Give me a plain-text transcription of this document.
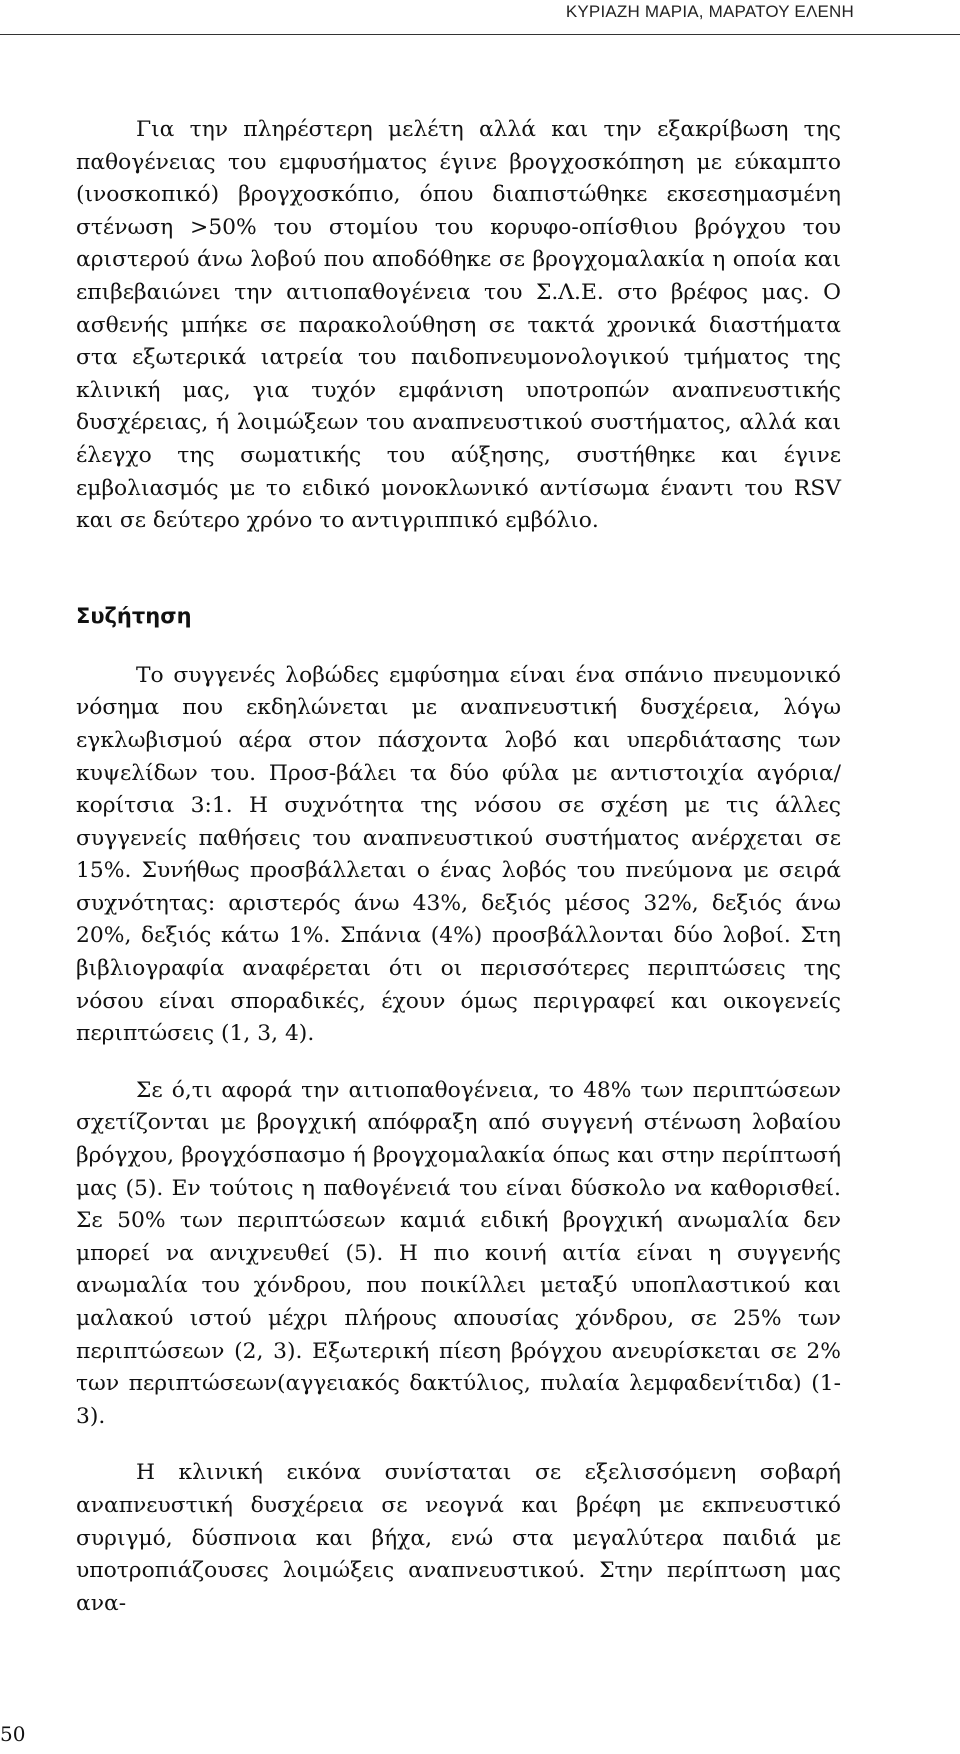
ΚΥΡΙΑΖΗ ΜΑΡΙΑ, ΜΑΡΑΤΟΥ ΕΛΕΝΗ

Για την πληρέστερη μελέτη αλλά και την εξακρίβωση της παθογένειας του εμφυσήματος έγινε βρογχοσκόπηση με εύκαμπτο (ινοσκοπικό) βρογχοσκόπιο, όπου διαπιστώθηκε εκσεσημασμένη στένωση >50% του στομίου του κορυφο-οπίσθιου βρόγχου του αριστερού άνω λοβού που αποδόθηκε σε βρογχομαλακία η οποία και επιβεβαιώνει την αιτιοπαθογένεια του Σ.Λ.Ε. στο βρέφος μας. Ο ασθενής μπήκε σε παρακολούθηση σε τακτά χρονικά διαστήματα στα εξωτερικά ιατρεία του παιδοπνευμονολογικού τμήματος της κλινική μας, για τυχόν εμφάνιση υποτροπών αναπνευστικής δυσχέρειας, ή λοιμώξεων του αναπνευστικού συστήματος, αλλά και έλεγχο της σωματικής του αύξησης, συστήθηκε και έγινε εμβολιασμός με το ειδικό μονοκλωνικό αντίσωμα έναντι του RSV και σε δεύτερο χρόνο το αντιγριππικό εμβόλιο.

Συζήτηση

Το συγγενές λοβώδες εμφύσημα είναι ένα σπάνιο πνευμονικό νόσημα που εκδηλώνεται με αναπνευστική δυσχέρεια, λόγω εγκλωβισμού αέρα στον πάσχοντα λοβό και υπερδιάτασης των κυψελίδων του. Προσ-βάλει τα δύο φύλα με αντιστοιχία αγόρια/κορίτσια 3:1. Η συχνότητα της νόσου σε σχέση με τις άλλες συγγενείς παθήσεις του αναπνευστικού συστήματος ανέρχεται σε 15%. Συνήθως προσβάλλεται ο ένας λοβός του πνεύμονα με σειρά συχνότητας: αριστερός άνω 43%, δεξιός μέσος 32%, δεξιός άνω 20%, δεξιός κάτω 1%. Σπάνια (4%) προσβάλλονται δύο λοβοί. Στη βιβλιογραφία αναφέρεται ότι οι περισσότερες περιπτώσεις της νόσου είναι σποραδικές, έχουν όμως περιγραφεί και οικογενείς περιπτώσεις (1, 3, 4).

Σε ό,τι αφορά την αιτιοπαθογένεια, το 48% των περιπτώσεων σχετίζονται με βρογχική απόφραξη από συγγενή στένωση λοβαίου βρόγχου, βρογχόσπασμο ή βρογχομαλακία όπως και στην περίπτωσή μας (5). Εν τούτοις η παθογένειά του είναι δύσκολο να καθορισθεί. Σε 50% των περιπτώσεων καμιά ειδική βρογχική ανωμαλία δεν μπορεί να ανιχνευθεί (5). Η πιο κοινή αιτία είναι η συγγενής ανωμαλία του χόνδρου, που ποικίλλει μεταξύ υποπλαστικού και μαλακού ιστού μέχρι πλήρους απουσίας χόνδρου, σε 25% των περιπτώσεων (2, 3). Εξωτερική πίεση βρόγχου ανευρίσκεται σε 2% των περιπτώσεων(αγγειακός δακτύλιος, πυλαία λεμφαδενίτιδα) (1-3).

Η κλινική εικόνα συνίσταται σε εξελισσόμενη σοβαρή αναπνευστική δυσχέρεια σε νεογνά και βρέφη με εκπνευστικό συριγμό, δύσπνοια και βήχα, ενώ στα μεγαλύτερα παιδιά με υποτροπιάζουσες λοιμώξεις αναπνευστικού. Στην περίπτωση μας ανα-

50
